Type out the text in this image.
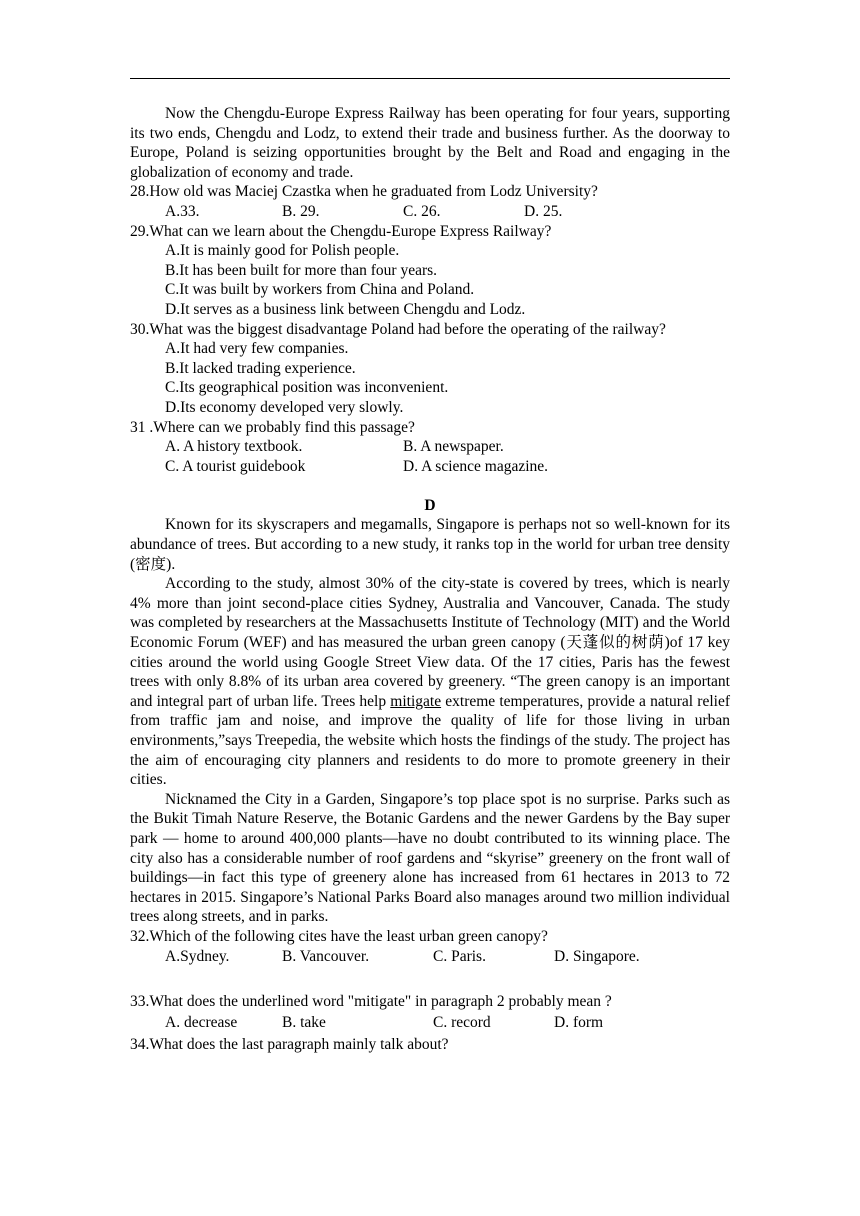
Now the Chengdu-Europe Express Railway has been operating for four years, supporting its two ends, Chengdu and Lodz, to extend their trade and business further. As the doorway to Europe, Poland is seizing opportunities brought by the Belt and Road and engaging in the globalization of economy and trade.

28.How old was Maciej Czastka when he graduated from Lodz University?

A.33.	B. 29.	C. 26.	D. 25.

29.What can we learn about the Chengdu-Europe Express Railway?

A.It is mainly good for Polish people.

B.It has been built for more than four years.

C.It was built by workers from China and Poland.

D.It serves as a business link between Chengdu and Lodz.

30.What was the biggest disadvantage Poland had before the operating of the railway?

A.It had very few companies.

B.It lacked trading experience.

C.Its geographical position was inconvenient.

D.Its economy developed very slowly.

31 .Where can we probably find this passage?

A. A history textbook.	B. A newspaper.
C. A tourist guidebook	D. A science magazine.

D

Known for its skyscrapers and megamalls, Singapore is perhaps not so well-known for its abundance of trees. But according to a new study, it ranks top in the world for urban tree density (密度).

According to the study, almost 30% of the city-state is covered by trees, which is nearly 4% more than joint second-place cities Sydney, Australia and Vancouver, Canada. The study was completed by researchers at the Massachusetts Institute of Technology (MIT) and the World Economic Forum (WEF) and has measured the urban green canopy (天蓬似的树荫)of 17 key cities around the world using Google Street View data. Of the 17 cities, Paris has the fewest trees with only 8.8% of its urban area covered by greenery. “The green canopy is an important and integral part of urban life. Trees help mitigate extreme temperatures, provide a natural relief from traffic jam and noise, and improve the quality of life for those living in urban environments,”says Treepedia, the website which hosts the findings of the study. The project has the aim of encouraging city planners and residents to do more to promote greenery in their cities.

Nicknamed the City in a Garden, Singapore’s top place spot is no surprise. Parks such as the Bukit Timah Nature Reserve, the Botanic Gardens and the newer Gardens by the Bay super park — home to around 400,000 plants—have no doubt contributed to its winning place. The city also has a considerable number of roof gardens and “skyrise” greenery on the front wall of buildings—in fact this type of greenery alone has increased from 61 hectares in 2013 to 72 hectares in 2015. Singapore’s National Parks Board also manages around two million individual trees along streets, and in parks.

32.Which of the following cites have the least urban green canopy?

A.Sydney.	B. Vancouver.	C. Paris.	D. Singapore.

33.What does the underlined word "mitigate" in paragraph 2 probably mean ?

A. decrease	B. take	C. record	D. form

34.What does the last paragraph mainly talk about?
